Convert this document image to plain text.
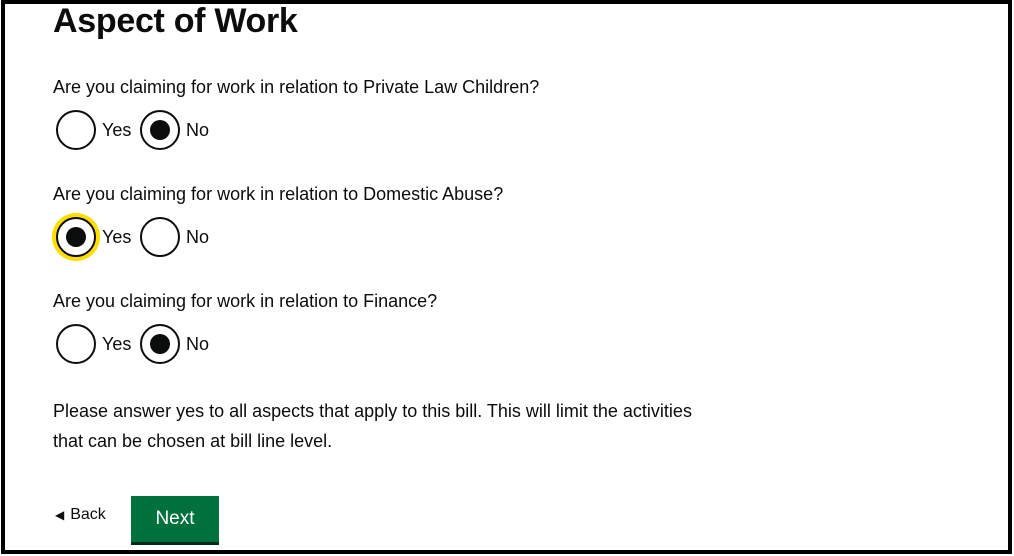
Aspect of Work
Are you claiming for work in relation to Private Law Children?
Yes	No
Are you claiming for work in relation to Domestic Abuse?
Yes	No
Are you claiming for work in relation to Finance?
Yes	No

Please answer yes to all aspects that apply to this bill. This will limit the activities
that can be chosen at bill line level.

◀ Back	Next
